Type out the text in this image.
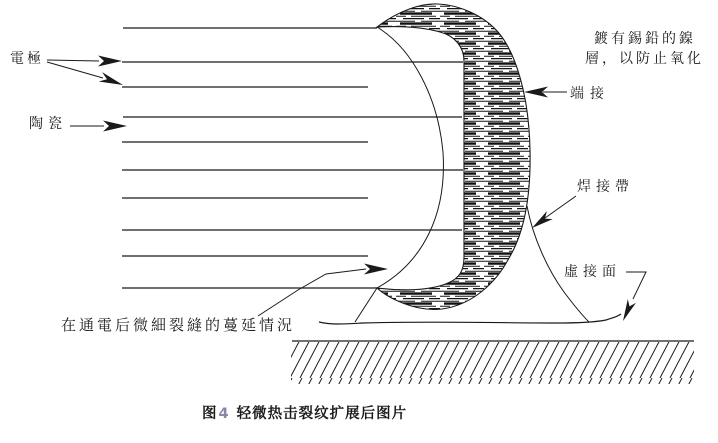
電極
陶瓷
鍍有錫鉛的鎳
層，以防止氧化
端接
焊接帶
虛接面
在通電后微細裂縫的蔓延情況
图4 轻微热击裂纹扩展后图片
